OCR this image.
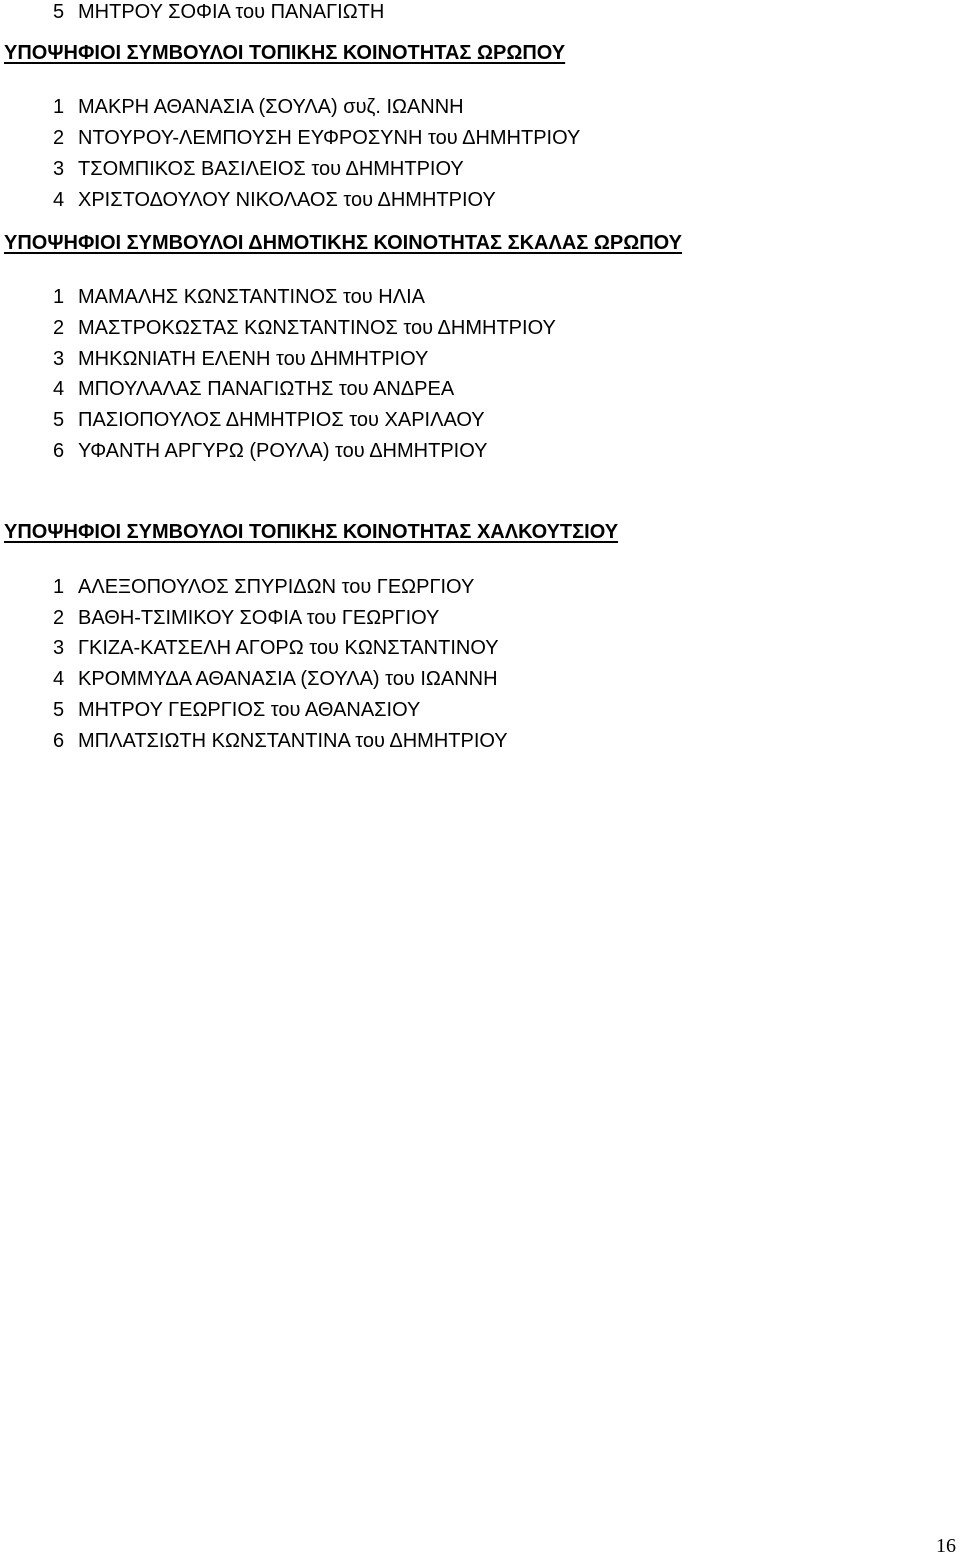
5 ΜΗΤΡΟΥ ΣΟΦΙΑ του ΠΑΝΑΓΙΩΤΗ
ΥΠΟΨΗΦΙΟΙ ΣΥΜΒΟΥΛΟΙ ΤΟΠΙΚΗΣ ΚΟΙΝΟΤΗΤΑΣ ΩΡΩΠΟΥ
1 ΜΑΚΡΗ ΑΘΑΝΑΣΙΑ (ΣΟΥΛΑ) συζ. ΙΩΑΝΝΗ
2 ΝΤΟΥΡΟΥ-ΛΕΜΠΟΥΣΗ ΕΥΦΡΟΣΥΝΗ του ΔΗΜΗΤΡΙΟΥ
3 ΤΣΟΜΠΙΚΟΣ ΒΑΣΙΛΕΙΟΣ του ΔΗΜΗΤΡΙΟΥ
4 ΧΡΙΣΤΟΔΟΥΛΟΥ ΝΙΚΟΛΑΟΣ του ΔΗΜΗΤΡΙΟΥ
ΥΠΟΨΗΦΙΟΙ ΣΥΜΒΟΥΛΟΙ ΔΗΜΟΤΙΚΗΣ ΚΟΙΝΟΤΗΤΑΣ ΣΚΑΛΑΣ ΩΡΩΠΟΥ
1 ΜΑΜΑΛΗΣ ΚΩΝΣΤΑΝΤΙΝΟΣ του ΗΛΙΑ
2 ΜΑΣΤΡΟΚΩΣΤΑΣ ΚΩΝΣΤΑΝΤΙΝΟΣ του ΔΗΜΗΤΡΙΟΥ
3 ΜΗΚΩΝΙΑΤΗ ΕΛΕΝΗ του ΔΗΜΗΤΡΙΟΥ
4 ΜΠΟΥΛΑΛΑΣ ΠΑΝΑΓΙΩΤΗΣ του ΑΝΔΡΕΑ
5 ΠΑΣΙΟΠΟΥΛΟΣ ΔΗΜΗΤΡΙΟΣ του ΧΑΡΙΛΑΟΥ
6 ΥΦΑΝΤΗ ΑΡΓΥΡΩ (ΡΟΥΛΑ) του ΔΗΜΗΤΡΙΟΥ
ΥΠΟΨΗΦΙΟΙ ΣΥΜΒΟΥΛΟΙ ΤΟΠΙΚΗΣ ΚΟΙΝΟΤΗΤΑΣ ΧΑΛΚΟΥΤΣΙΟΥ
1 ΑΛΕΞΟΠΟΥΛΟΣ ΣΠΥΡΙΔΩΝ του ΓΕΩΡΓΙΟΥ
2 ΒΑΘΗ-ΤΣΙΜΙΚΟΥ ΣΟΦΙΑ του ΓΕΩΡΓΙΟΥ
3 ΓΚΙΖΑ-ΚΑΤΣΕΛΗ ΑΓΟΡΩ του ΚΩΝΣΤΑΝΤΙΝΟΥ
4 ΚΡΟΜΜΥΔΑ ΑΘΑΝΑΣΙΑ (ΣΟΥΛΑ) του ΙΩΑΝΝΗ
5 ΜΗΤΡΟΥ ΓΕΩΡΓΙΟΣ του ΑΘΑΝΑΣΙΟΥ
6 ΜΠΛΑΤΣΙΩΤΗ ΚΩΝΣΤΑΝΤΙΝΑ του ΔΗΜΗΤΡΙΟΥ
16
